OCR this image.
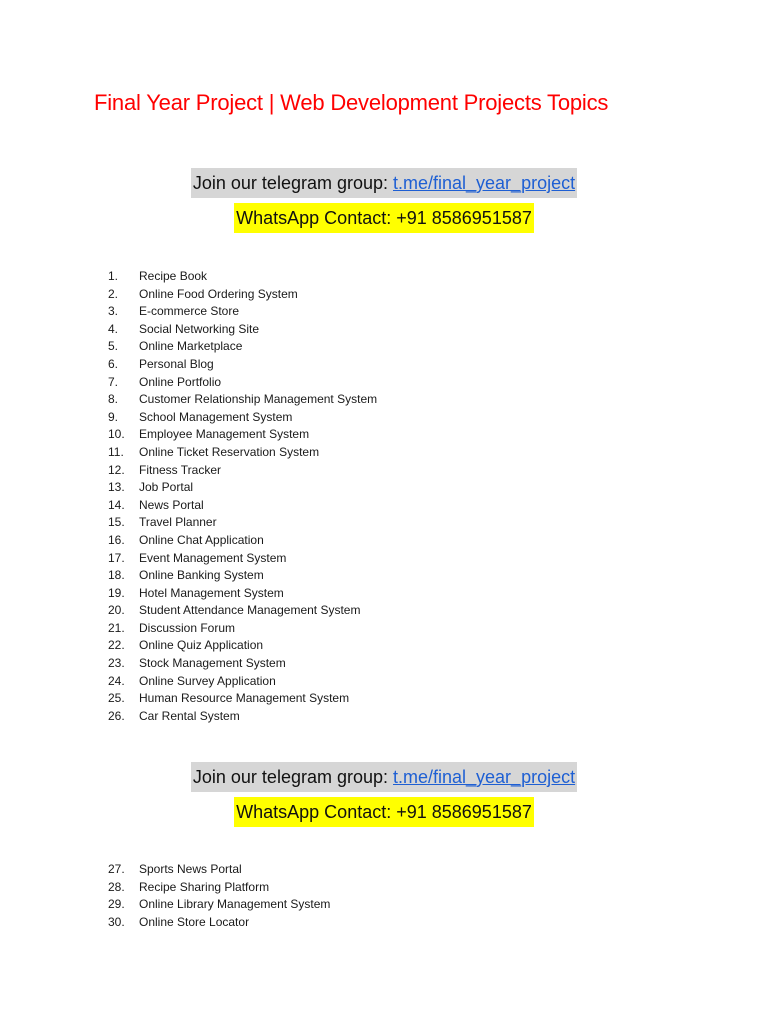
Final Year Project | Web Development Projects Topics
Join our telegram group: t.me/final_year_project
WhatsApp Contact: +91 8586951587
1. Recipe Book
2. Online Food Ordering System
3. E-commerce Store
4. Social Networking Site
5. Online Marketplace
6. Personal Blog
7. Online Portfolio
8. Customer Relationship Management System
9. School Management System
10. Employee Management System
11. Online Ticket Reservation System
12. Fitness Tracker
13. Job Portal
14. News Portal
15. Travel Planner
16. Online Chat Application
17. Event Management System
18. Online Banking System
19. Hotel Management System
20. Student Attendance Management System
21. Discussion Forum
22. Online Quiz Application
23. Stock Management System
24. Online Survey Application
25. Human Resource Management System
26. Car Rental System
Join our telegram group: t.me/final_year_project
WhatsApp Contact: +91 8586951587
27. Sports News Portal
28. Recipe Sharing Platform
29. Online Library Management System
30. Online Store Locator
